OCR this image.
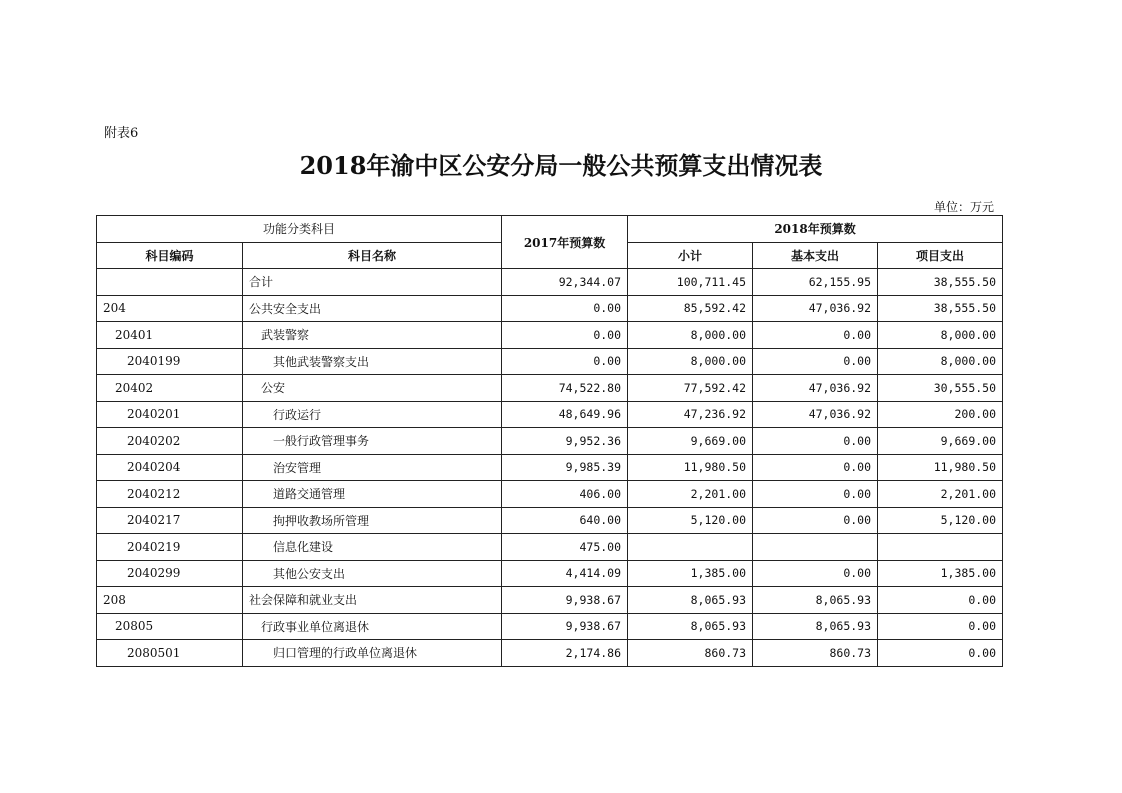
附表6
2018年渝中区公安分局一般公共预算支出情况表
单位：万元
功能分类科目		2017年预算数	2018年预算数		
科目编码	科目名称		小计	基本支出	项目支出
	合计	92,344.07	100,711.45	62,155.95	38,555.50
204	公共安全支出	0.00	85,592.42	47,036.92	38,555.50
20401	武装警察	0.00	8,000.00	0.00	8,000.00
2040199	其他武装警察支出	0.00	8,000.00	0.00	8,000.00
20402	公安	74,522.80	77,592.42	47,036.92	30,555.50
2040201	行政运行	48,649.96	47,236.92	47,036.92	200.00
2040202	一般行政管理事务	9,952.36	9,669.00	0.00	9,669.00
2040204	治安管理	9,985.39	11,980.50	0.00	11,980.50
2040212	道路交通管理	406.00	2,201.00	0.00	2,201.00
2040217	拘押收教场所管理	640.00	5,120.00	0.00	5,120.00
2040219	信息化建设	475.00			
2040299	其他公安支出	4,414.09	1,385.00	0.00	1,385.00
208	社会保障和就业支出	9,938.67	8,065.93	8,065.93	0.00
20805	行政事业单位离退休	9,938.67	8,065.93	8,065.93	0.00
2080501	归口管理的行政单位离退休	2,174.86	860.73	860.73	0.00
